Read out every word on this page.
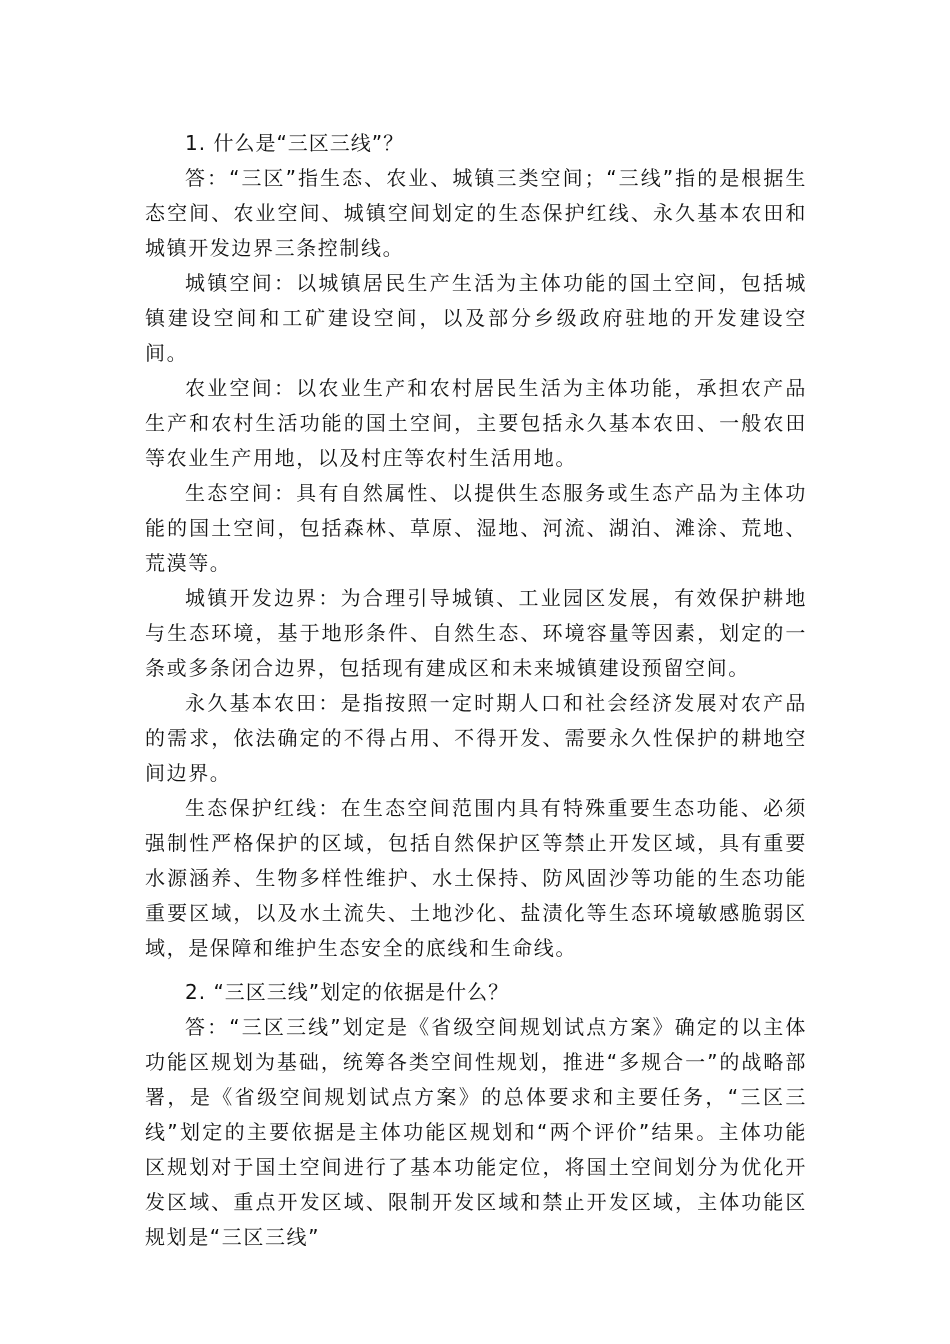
1. 什么是“三区三线”？

答：“三区”指生态、农业、城镇三类空间；“三线”指的是根据生态空间、农业空间、城镇空间划定的生态保护红线、永久基本农田和城镇开发边界三条控制线。

城镇空间：以城镇居民生产生活为主体功能的国土空间，包括城镇建设空间和工矿建设空间，以及部分乡级政府驻地的开发建设空间。

农业空间：以农业生产和农村居民生活为主体功能，承担农产品生产和农村生活功能的国土空间，主要包括永久基本农田、一般农田等农业生产用地，以及村庄等农村生活用地。

生态空间：具有自然属性、以提供生态服务或生态产品为主体功能的国土空间，包括森林、草原、湿地、河流、湖泊、滩涂、荒地、荒漠等。

城镇开发边界：为合理引导城镇、工业园区发展，有效保护耕地与生态环境，基于地形条件、自然生态、环境容量等因素，划定的一条或多条闭合边界，包括现有建成区和未来城镇建设预留空间。

永久基本农田：是指按照一定时期人口和社会经济发展对农产品的需求，依法确定的不得占用、不得开发、需要永久性保护的耕地空间边界。

生态保护红线：在生态空间范围内具有特殊重要生态功能、必须强制性严格保护的区域，包括自然保护区等禁止开发区域，具有重要水源涵养、生物多样性维护、水土保持、防风固沙等功能的生态功能重要区域，以及水土流失、土地沙化、盐渍化等生态环境敏感脆弱区域，是保障和维护生态安全的底线和生命线。

2. “三区三线”划定的依据是什么？

答：“三区三线”划定是《省级空间规划试点方案》确定的以主体功能区规划为基础，统筹各类空间性规划，推进“多规合一”的战略部署，是《省级空间规划试点方案》的总体要求和主要任务，“三区三线”划定的主要依据是主体功能区规划和“两个评价”结果。主体功能区规划对于国土空间进行了基本功能定位，将国土空间划分为优化开发区域、重点开发区域、限制开发区域和禁止开发区域，主体功能区规划是“三区三线”
